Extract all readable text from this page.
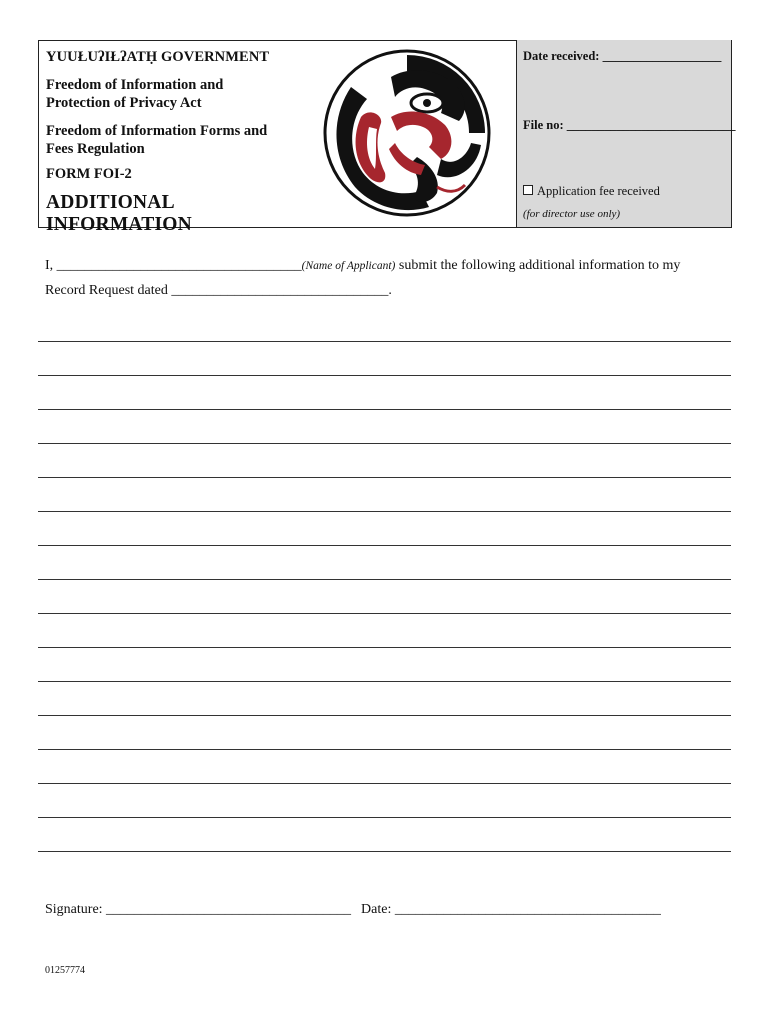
YUUŁUʔIŁʔATḤ GOVERNMENT
Freedom of Information and
Protection of Privacy Act
Freedom of Information Forms and
Fees Regulation
FORM FOI-2
ADDITIONAL INFORMATION
Date received: ___________________
File no: ___________________________
Application fee received
(for director use only)
I, ___________________________________(Name of Applicant) submit the following additional information to my
Record Request dated _______________________________.
Signature: ___________________________________ Date: ______________________________________
01257774
